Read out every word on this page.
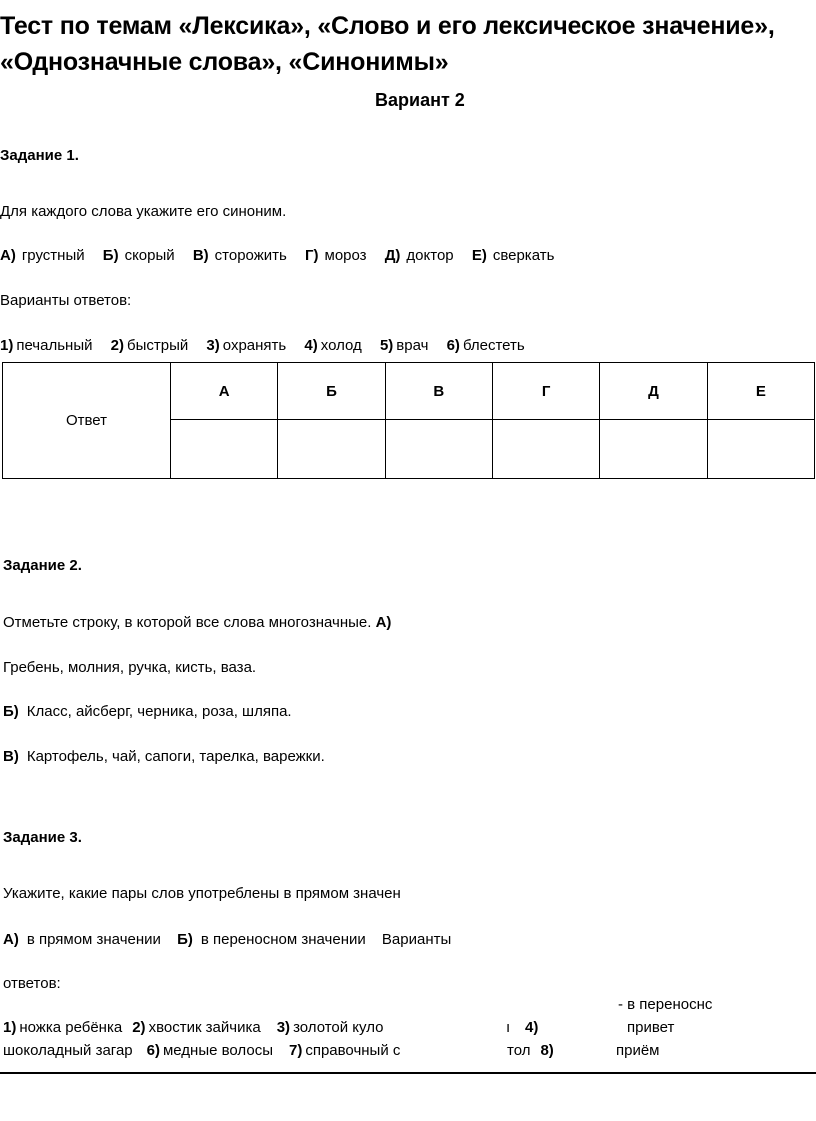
Тест по темам «Лексика», «Слово и его лексическое значение»,
«Однозначные слова», «Синонимы»
Вариант 2
Задание 1.
Для каждого слова укажите его синоним.
А) грустный Б) скорый В) сторожить Г) мороз Д) доктор Е) сверкать
Варианты ответов:
1) печальный 2) быстрый 3) охранять 4) холод 5) врач 6) блестеть
Ответ	А	Б	В	Г	Д	Е

Задание 2.
Отметьте строку, в которой все слова многозначные. А)
Гребень, молния, ручка, кисть, ваза.
Б) Класс, айсберг, черника, роза, шляпа.
В) Картофель, чай, сапоги, тарелка, варежки.
Задание 3.
Укажите, какие пары слов употреблены в прямом значен
А) в прямом значении Б) в переносном значении Варианты
ответов:
- в переноснс
1) ножка ребёнка 2) хвостик зайчика 3) золотой куло	ı 4)	привет
шоколадный загар 6) медные волосы 7) справочный с	тол 8)	приём
